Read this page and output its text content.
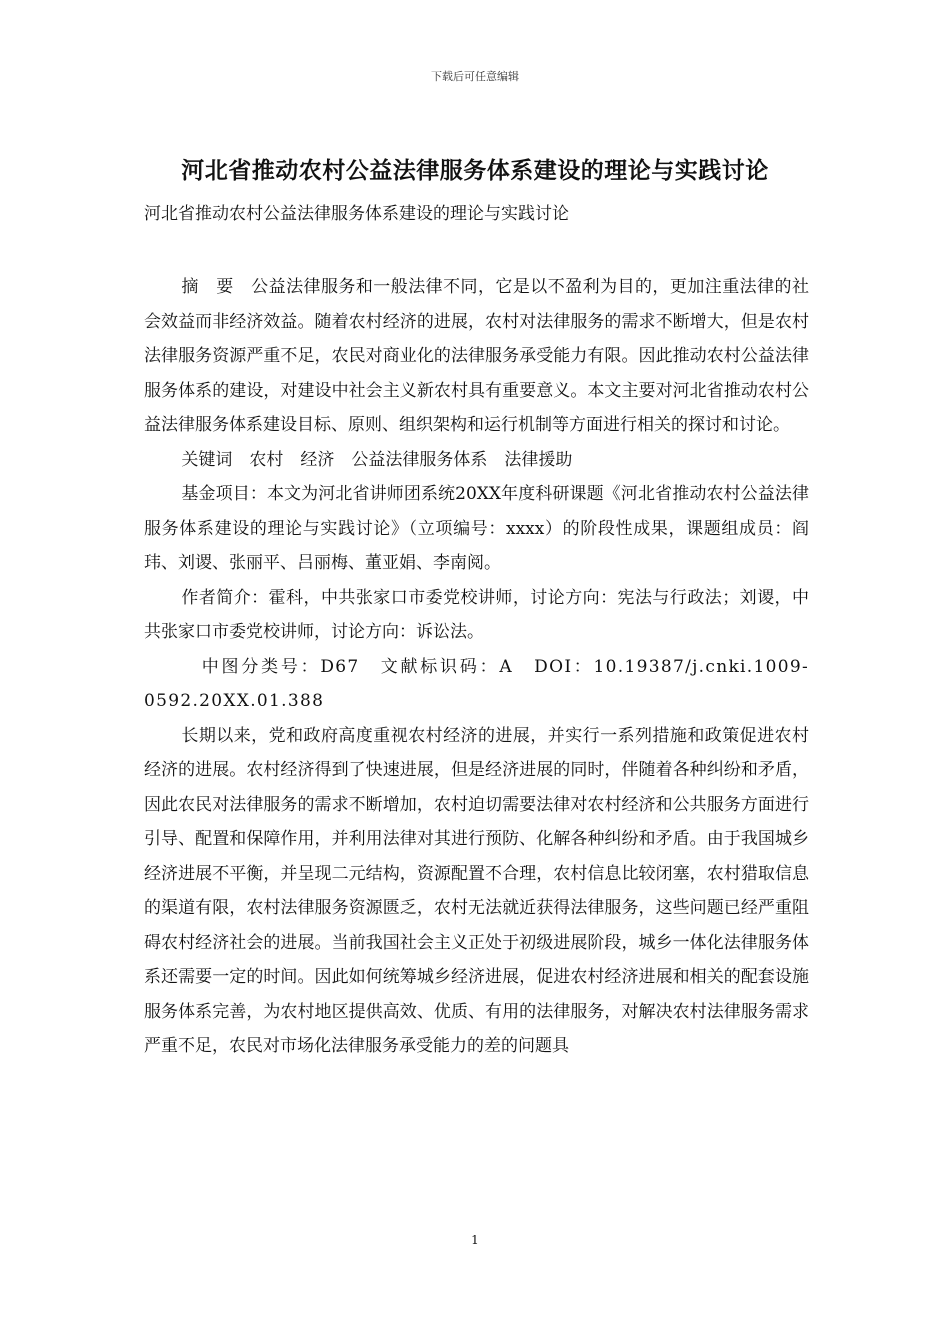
下载后可任意编辑
河北省推动农村公益法律服务体系建设的理论与实践讨论
河北省推动农村公益法律服务体系建设的理论与实践讨论

摘　要　公益法律服务和一般法律不同，它是以不盈利为目的，更加注重法律的社会效益而非经济效益。随着农村经济的进展，农村对法律服务的需求不断增大，但是农村法律服务资源严重不足，农民对商业化的法律服务承受能力有限。因此推动农村公益法律服务体系的建设，对建设中社会主义新农村具有重要意义。本文主要对河北省推动农村公益法律服务体系建设目标、原则、组织架构和运行机制等方面进行相关的探讨和讨论。

关键词　农村　经济　公益法律服务体系　法律援助

基金项目：本文为河北省讲师团系统20XX年度科研课题《河北省推动农村公益法律服务体系建设的理论与实践讨论》（立项编号：xxxx）的阶段性成果，课题组成员：阎玮、刘谡、张丽平、吕丽梅、董亚娟、李南阅。

作者简介：霍科，中共张家口市委党校讲师，讨论方向：宪法与行政法；刘谡，中共张家口市委党校讲师，讨论方向：诉讼法。

中图分类号：D67　文献标识码：A　DOI：10.19387/j.cnki.1009-0592.20XX.01.388

长期以来，党和政府高度重视农村经济的进展，并实行一系列措施和政策促进农村经济的进展。农村经济得到了快速进展，但是经济进展的同时，伴随着各种纠纷和矛盾，因此农民对法律服务的需求不断增加，农村迫切需要法律对农村经济和公共服务方面进行引导、配置和保障作用，并利用法律对其进行预防、化解各种纠纷和矛盾。由于我国城乡经济进展不平衡，并呈现二元结构，资源配置不合理，农村信息比较闭塞，农村猎取信息的渠道有限，农村法律服务资源匮乏，农村无法就近获得法律服务，这些问题已经严重阻碍农村经济社会的进展。当前我国社会主义正处于初级进展阶段，城乡一体化法律服务体系还需要一定的时间。因此如何统筹城乡经济进展，促进农村经济进展和相关的配套设施服务体系完善，为农村地区提供高效、优质、有用的法律服务，对解决农村法律服务需求严重不足，农民对市场化法律服务承受能力的差的问题具

1
